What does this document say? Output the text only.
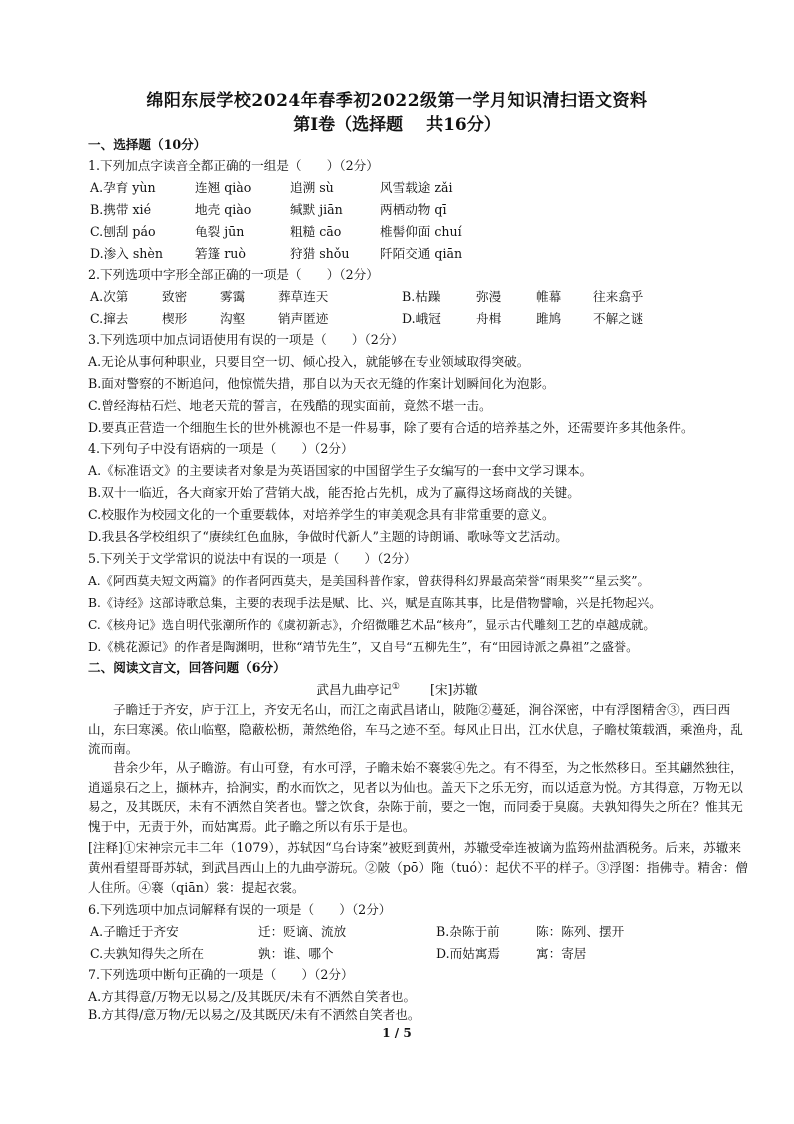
绵阳东辰学校2024年春季初2022级第一学月知识清扫语文资料
第Ⅰ卷（选择题　 共16分）
一、选择题（10分）
1.下列加点字读音全都正确的一组是（　　）（2分）
A.孕育 yùn	连翘 qiào	追溯 sù	风雪载途 zǎi
B.携带 xié	地壳 qiào	缄默 jiān	两栖动物 qī
C.刨刮 páo	龟裂 jūn	粗糙 cāo	椎髻仰面 chuí
D.渗入 shèn	箬篷 ruò	狩猎 shǒu 阡陌交通 qiān
2.下列选项中字形全部正确的一项是（　　）（2分）
A.次第	致密	雾霭	葬草连天	B.枯躁	弥漫	帷幕	往来翕乎
C.撺去	楔形	沟壑	销声匿迹	D.峨冠	舟楫	雎鸠	不解之谜
3.下列选项中加点词语使用有误的一项是（　　）（2分）
A.无论从事何种职业，只要目空一切、倾心投入，就能够在专业领域取得突破。
B.面对警察的不断追问，他惊慌失措，那自以为天衣无缝的作案计划瞬间化为泡影。
C.曾经海枯石烂、地老天荒的誓言，在残酷的现实面前，竟然不堪一击。
D.要真正营造一个细胞生长的世外桃源也不是一件易事，除了要有合适的培养基之外，还需要许多其他条件。
4.下列句子中没有语病的一项是（　　）（2分）
A.《标准语文》的主要读者对象是为英语国家的中国留学生子女编写的一套中文学习课本。
B.双十一临近，各大商家开始了营销大战，能否抢占先机，成为了赢得这场商战的关键。
C.校服作为校园文化的一个重要载体，对培养学生的审美观念具有非常重要的意义。
D.我县各学校组织了“赓续红色血脉，争做时代新人”主题的诗朗诵、歌咏等文艺活动。
5.下列关于文学常识的说法中有误的一项是（　　）（2分）
A.《阿西莫夫短文两篇》的作者阿西莫夫，是美国科普作家，曾获得科幻界最高荣誉“雨果奖”“星云奖”。
B.《诗经》这部诗歌总集，主要的表现手法是赋、比、兴，赋是直陈其事，比是借物譬喻，兴是托物起兴。
C.《核舟记》选自明代张潮所作的《虞初新志》，介绍微雕艺术品“核舟”，显示古代雕刻工艺的卓越成就。
D.《桃花源记》的作者是陶渊明，世称“靖节先生”，又自号“五柳先生”，有“田园诗派之鼻祖”之盛誉。
二、阅读文言文，回答问题（6分）
武昌九曲亭记① [宋]苏辙
子瞻迁于齐安，庐于江上，齐安无名山，而江之南武昌诸山，陂陁②蔓延，涧谷深密，中有浮图精舍③，西曰西山，东曰寒溪。依山临壑，隐蔽松枥，萧然绝俗，车马之迹不至。每风止日出，江水伏息，子瞻杖策载酒，乘渔舟，乱流而南。
昔余少年，从子瞻游。有山可登，有水可浮，子瞻未始不褰裳④先之。有不得至，为之怅然移日。至其翩然独往，逍遥泉石之上，撷林卉，拾涧实，酌水而饮之，见者以为仙也。盖天下之乐无穷，而以适意为悦。方其得意，万物无以易之，及其既厌，未有不洒然自笑者也。譬之饮食，杂陈于前，要之一饱，而同委于臭腐。夫孰知得失之所在？惟其无愧于中，无责于外，而姑寓焉。此子瞻之所以有乐于是也。
[注释]①宋神宗元丰二年（1079），苏轼因“乌台诗案”被贬到黄州，苏辙受牵连被谪为监筠州盐酒税务。后来，苏辙来黄州看望哥哥苏轼，到武昌西山上的九曲亭游玩。②陂（pō）陁（tuó）：起伏不平的样子。③浮图：指佛寺。精舍：僧人住所。④褰（qiān）裳：提起衣裳。
6.下列选项中加点词解释有误的一项是（　　）（2分）
A.子瞻迁于齐安	迁：贬谪、流放	B.杂陈于前	陈：陈列、摆开
C.夫孰知得失之所在	孰：谁、哪个	D.而姑寓焉	寓：寄居
7.下列选项中断句正确的一项是（　　）（2分）
A.方其得意/万物无以易之/及其既厌/未有不洒然自笑者也。
B.方其得/意万物/无以易之/及其既厌/未有不洒然自笑者也。
1 / 5
